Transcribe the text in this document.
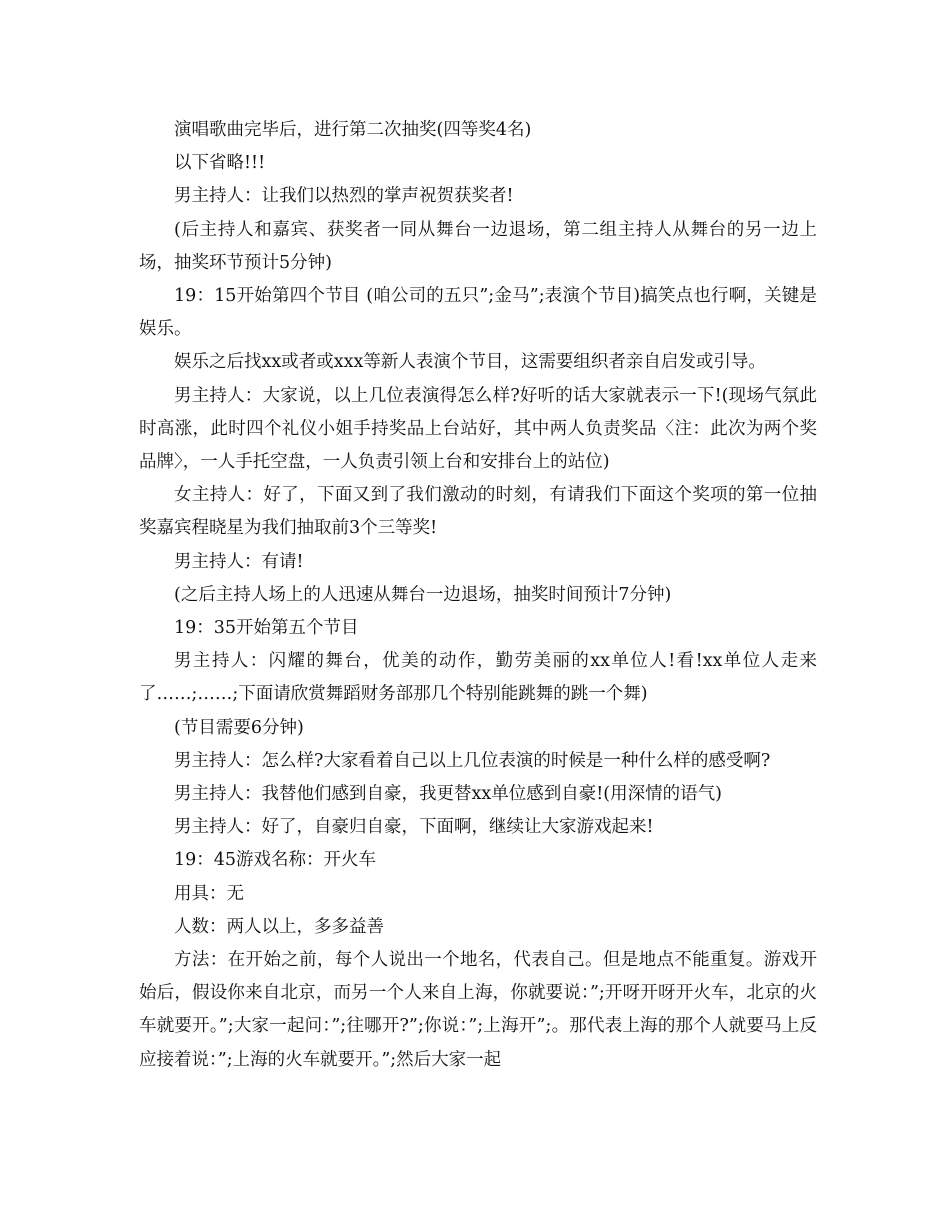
演唱歌曲完毕后，进行第二次抽奖(四等奖4名)

以下省略!!!

男主持人：让我们以热烈的掌声祝贺获奖者!

(后主持人和嘉宾、获奖者一同从舞台一边退场，第二组主持人从舞台的另一边上场，抽奖环节预计5分钟)

19：15开始第四个节目 (咱公司的五只”;金马”;表演个节目)搞笑点也行啊，关键是娱乐。

娱乐之后找xx或者或xxx等新人表演个节目，这需要组织者亲自启发或引导。

男主持人：大家说，以上几位表演得怎么样?好听的话大家就表示一下!(现场气氛此时高涨，此时四个礼仪小姐手持奖品上台站好，其中两人负责奖品〈注：此次为两个奖品牌〉，一人手托空盘，一人负责引领上台和安排台上的站位)

女主持人：好了，下面又到了我们激动的时刻，有请我们下面这个奖项的第一位抽奖嘉宾程晓星为我们抽取前3个三等奖!

男主持人：有请!

(之后主持人场上的人迅速从舞台一边退场，抽奖时间预计7分钟)

19：35开始第五个节目

男主持人：闪耀的舞台，优美的动作，勤劳美丽的xx单位人!看!xx单位人走来了……;……;下面请欣赏舞蹈财务部那几个特别能跳舞的跳一个舞)

(节目需要6分钟)

男主持人：怎么样?大家看着自己以上几位表演的时候是一种什么样的感受啊?

男主持人：我替他们感到自豪，我更替xx单位感到自豪!(用深情的语气)

男主持人：好了，自豪归自豪，下面啊，继续让大家游戏起来!

19：45游戏名称：开火车

用具：无

人数：两人以上，多多益善

方法：在开始之前，每个人说出一个地名，代表自己。但是地点不能重复。游戏开始后，假设你来自北京，而另一个人来自上海，你就要说：”;开呀开呀开火车，北京的火车就要开。”;大家一起问：”;往哪开?”;你说：”;上海开”;。那代表上海的那个人就要马上反应接着说：”;上海的火车就要开。”;然后大家一起
